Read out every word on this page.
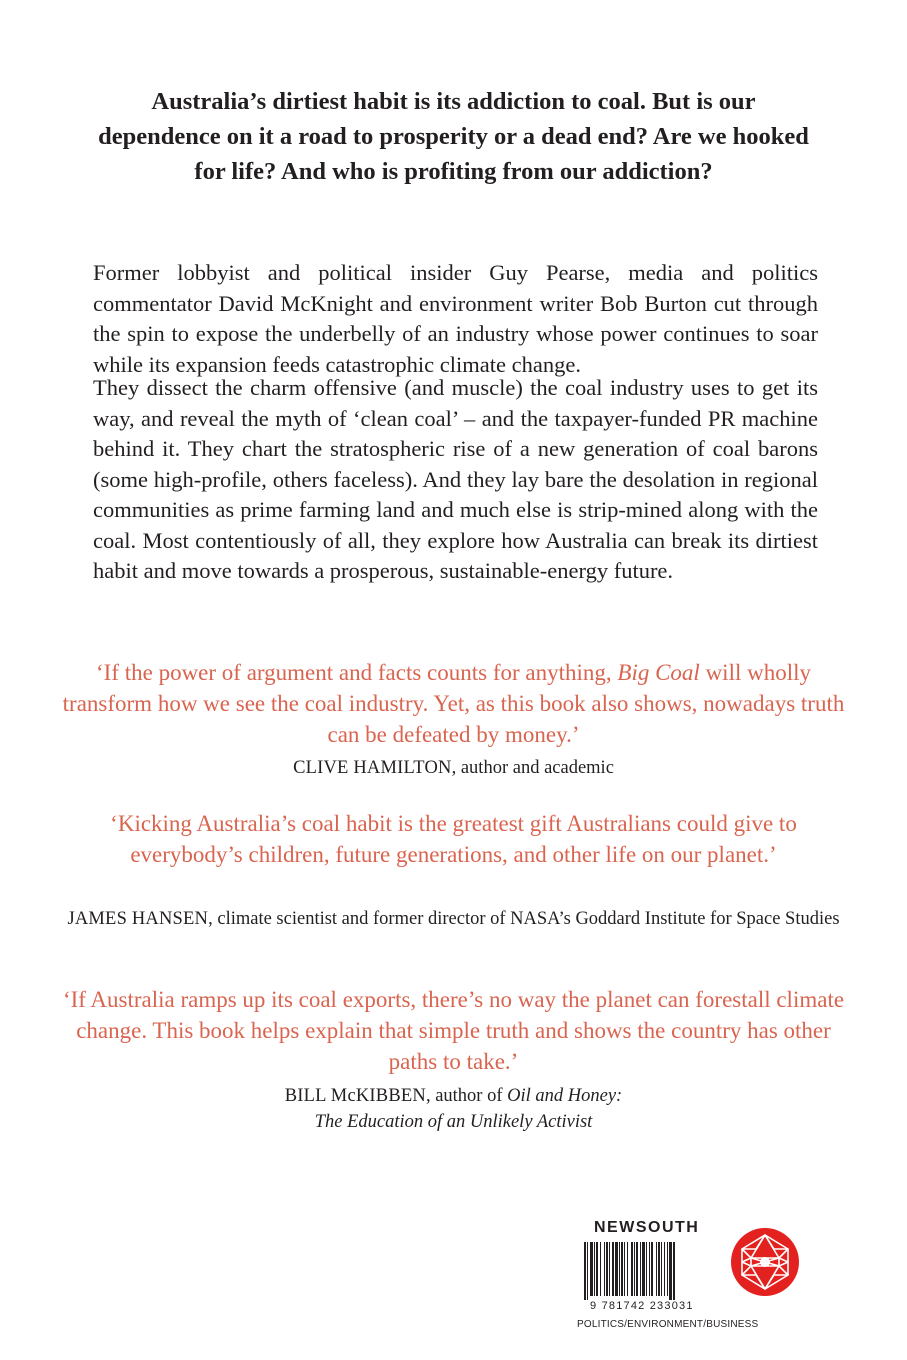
Australia’s dirtiest habit is its addiction to coal. But is our dependence on it a road to prosperity or a dead end? Are we hooked for life? And who is profiting from our addiction?
Former lobbyist and political insider Guy Pearse, media and politics commentator David McKnight and environment writer Bob Burton cut through the spin to expose the underbelly of an industry whose power continues to soar while its expansion feeds catastrophic climate change.
They dissect the charm offensive (and muscle) the coal industry uses to get its way, and reveal the myth of ‘clean coal’ – and the taxpayer-funded PR machine behind it. They chart the stratospheric rise of a new generation of coal barons (some high-profile, others faceless). And they lay bare the desolation in regional communities as prime farming land and much else is strip-mined along with the coal. Most contentiously of all, they explore how Australia can break its dirtiest habit and move towards a prosperous, sustainable-energy future.
‘If the power of argument and facts counts for anything, Big Coal will wholly transform how we see the coal industry. Yet, as this book also shows, nowadays truth can be defeated by money.’
CLIVE HAMILTON, author and academic
‘Kicking Australia’s coal habit is the greatest gift Australians could give to everybody’s children, future generations, and other life on our planet.’
JAMES HANSEN, climate scientist and former director of NASA’s Goddard Institute for Space Studies
‘If Australia ramps up its coal exports, there’s no way the planet can forestall climate change. This book helps explain that simple truth and shows the country has other paths to take.’
BILL McKIBBEN, author of Oil and Honey:
The Education of an Unlikely Activist
NEWSOUTH
9 781742 233031
POLITICS/ENVIRONMENT/BUSINESS
